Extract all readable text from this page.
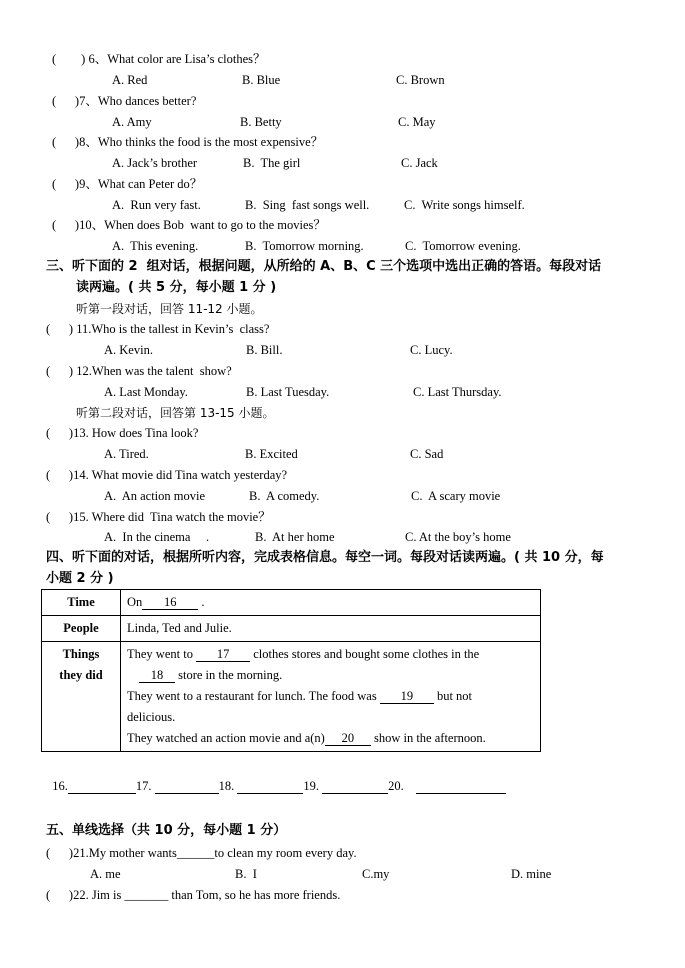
(        ) 6、What color are Lisa’s clothes？
A. Red	B. Blue	C. Brown
(      )7、Who dances better?
A. Amy	B. Betty	C. May
(      )8、Who thinks the food is the most expensive？
A. Jack’s brother	B.  The girl	C. Jack
(      )9、What can Peter do？
A.  Run very fast.	B.  Sing  fast songs well.	C.  Write songs himself.
(      )10、When does Bob  want to go to the movies？
A.  This evening.	B.  Tomorrow morning.	C.  Tomorrow evening.
三、听下面的 2  组对话，根据问题，从所给的 A、B、C 三个选项中选出正确的答语。每段对话
读两遍。( 共 5 分，每小题 1 分 )
听第一段对话，回答 11-12 小题。
(      ) 11.Who is the tallest in Kevin’s  class?
A. Kevin.	B. Bill.	C. Lucy.
(      ) 12.When was the talent  show?
A. Last Monday.	B. Last Tuesday.	C. Last Thursday.
听第二段对话，回答第 13-15 小题。
(      )13. How does Tina look?
A. Tired.	B. Excited	C. Sad
(      )14. What movie did Tina watch yesterday?
A.  An action movie	B.  A comedy.	C.  A scary movie
(      )15. Where did  Tina watch the movie？
A.  In the cinema     .	B.  At her home	C. At the boy’s home
四、听下面的对话，根据所听内容，完成表格信息。每空一词。每段对话读两遍。( 共 10 分，每
小题 2 分 )
Time	On 16 .
People	Linda, Ted and Julie.
Things
they did	They went to 17 clothes stores and bought some clothes in the
18 store in the morning.
They went to a restaurant for lunch. The food was 19 but not
delicious.
They watched an action movie and a(n) 20 show in the afternoon.

16.	17.	18.	19.	20.

五、单线选择（共 10 分，每小题 1 分）
(      )21.My mother wants______to clean my room every day.
A. me	B.  I	C.my	D. mine
(      )22. Jim is _______ than Tom, so he has more friends.
